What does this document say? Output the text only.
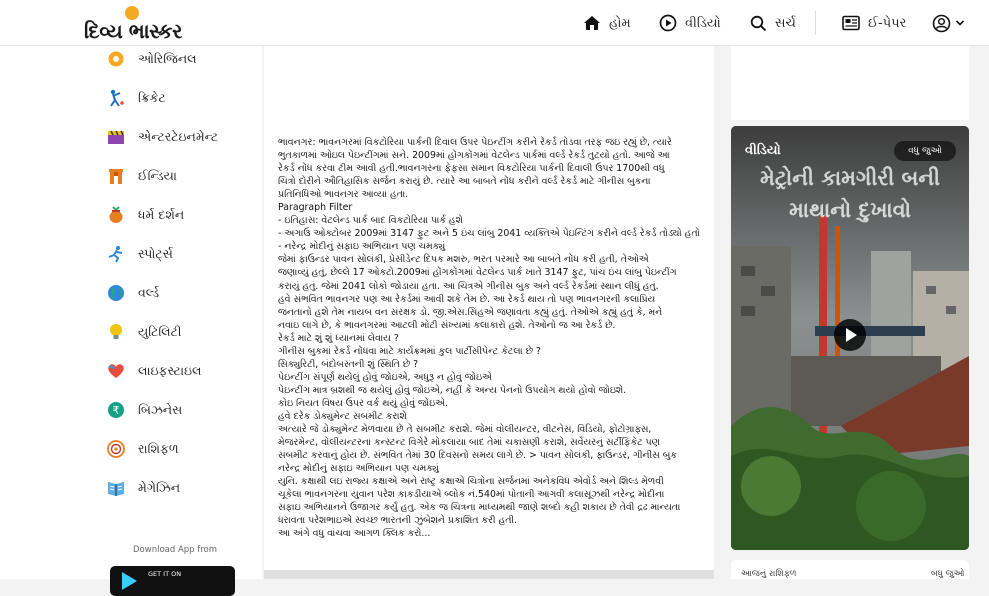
દિવ્ય ભાસ્કર	હોમ	વીડિયો	સર્ચ	ઈ-પેપર
ઓરિજિનલ
ક્રિકેટ
એન્ટરટેઇનમેન્ટ
ઈન્ડિયા
ધર્મ દર્શન
સ્પોર્ટ્સ
વર્લ્ડ
યુટિલિટી
લાઇફસ્ટાઇલ
₹ બિઝનેસ
રાશિફળ
મેગેઝિન
Download App from
GET IT ON

ભાવનગર: ભાવનગરમાં વિકટોરિયા પાર્કની દિવાલ ઉપર પેઇન્ટીંગ કરીને રેકર્ડ તોડવા તરફ જઇ રહ્યું છે, ત્યારે

ભુતકાળમાં ઓઇલ પેઇન્ટીંગમાં સને. 2009માં હોંગકોંગમાં વેટલેન્ડ પાર્કમાં વર્લ્ડ રેકર્ડ તુટયો હતો. આજે આ

રેકર્ડ નોંધ કરવા ટીમ આવી હતી.ભાવનગરના ફેફસા સમાન વિકટોરિયા પાર્કની દિવાલી ઉપર 1700થી વધુ

ચિત્રો દોરીને ઔતિહાસિક સર્જન કરાયું છે. ત્યારે આ બાબતે નોંધ કરીને વર્લ્ડ રેકર્ડ માટે ગીનીસ બુકના

પ્રતિનિધિઓ ભાવનગર આવ્યા હતા.

Paragraph Filter

- ઇતિહાસ: વેટલેન્ડ પાર્ક બાદ વિકટોરિયા પાર્ક હશે

- અગાઉ ઓક્ટોબર 2009માં 3147 ફુટ અને 5 ઇંચ લાંબુ 2041 વ્યક્તિએ પેઇન્ટિંગ કરીને વર્લ્ડ રેકર્ડ તોડ્યો હતો

- નરેન્દ્ર મોદીનું સફાઇ અભિયાન પણ ચમક્યું

જેમાં ફાઉન્ડર પાવન સોલંકી, પ્રેસીડેન્ટ દિપક મશરુ, ભરત પરમારે આ બાબતે નોંધ કરી હતી, તેઓએ

જણાવ્યું હતું, છેલ્લે 17 ઓકટો.2009માં હોંગકોંગમાં વેટલેન્ડ પાર્ક ખાતે 3147 ફુટ, પાંચ ઇંચ લાંબુ પેઇન્ટીંગ

કરાયું હતું. જેમાં 2041 લોકો જોડાયા હતા. આ ચિત્રએ ગીનીસ બુક અને વર્લ્ડ રેકર્ડમાં સ્થાન લીધું હતું.

હવે સંભવિત ભાવનગર પણ આ રેકર્ડમાં આવી શકે તેમ છે. આ રેકર્ડ થાય તો પણ ભાવનગરની કલાપ્રિય

જનતાનો હશે તેમ નાયબ વન સંરક્ષક ડો. જી.એસ.સિંહએ જણાવતા કહ્યું હતું. તેઓએ કહ્યું હતું કે, મને

નવાઇ લાગે છે, કે ભાવનગરમાં આટલી મોટી સંખ્યમાં કલાકારો હશે. તેઓનો જ આ રેકર્ડ છે.

રેકર્ડ માટે શું શું ધ્યાનમાં લેવાય ?

ગીનીસ બુકમાં રેકર્ડ નોંધવા માટે કાર્યક્રમમાં કુલ પાર્ટીસીપેન્ટ કેટલા છે ?

સિક્યુરિટી, બંદોબસ્તની શું સ્થિતિ છે ?

પેઇન્ટીંગ સંપૂર્ણ થયેલું હોવું જોઇએ, અધુરૂ ન હોવું જોઇએ

પેઇન્ટીંગ માત્ર બ્રશથી જ થયેલું હોવું જોઇએ, નહીં કે અન્ય પેનનો ઉપયોગ થયો હોવો જોઇશે.

કોઇ નિયત વિષય ઉપર વર્ક થયું હોવું જોઇએ.

હવે દરેક ડોક્યુમેન્ટ સબમીટ કરાશે

અત્યારે જે ડોક્યુમેન્ટ મેળવાયા છે તે સબમીટ કરાશે. જેમાં વોલીયન્ટર, વીટનેસ, વિડિયો, ફોટોગ્રાફ્સ,

મેજરમેન્ટ, વોલીયન્ટરના કન્સ્ટન્ટ વિગેરે મોકલાયા બાદ તેમાં ચકાસણી કરાશે, સર્વેયરનું સર્ટીફિકેટ પણ

સબમીટ કરવાનું હોય છે. સંભવિત તેમાં 30 દિવસનો સમય લાગે છે. > પાવન સોલંકી, ફાઉન્ડર, ગીનીસ બુક

નરેન્દ્ર મોદીનું સફાઇ અભિયાન પણ ચમક્યું

યુનિ. કક્ષાથી લઇ રાજ્ય કક્ષાએ અને રાષ્ટ્ર કક્ષાએ ચિત્રોના સર્જનમાં અનેકવિધ એવોર્ડ અને શિલ્ડ મેળવી

ચૂકેલા ભાવનગરના યુવાન પરેશ કાકડીયાએ બ્લોક નં.540માં પોતાની આગવી કલાસૂઝથી નરેન્દ્ર મોદીના

સફાઇ અભિયાનને ઉજાગર કર્યું હતુ. એક જ ચિત્રના માધ્યમથી જાણે શબ્દો કહી શકાય છે તેવી દ્રઢ માન્યતા

ધરાવતા પરેશભાઇએ સ્વચ્છ ભારતની ઝુંબેશને પ્રકાશિત કરી હતી.

આ અંગે વધુ વાંચવા આગળ ક્લિક કરો...

વીડિયો	વધુ જુઓ
મેટ્રોની કામગીરી બની
માથાનો દુખાવો
આજનું રાશિફળ	બધુ જુઓ
